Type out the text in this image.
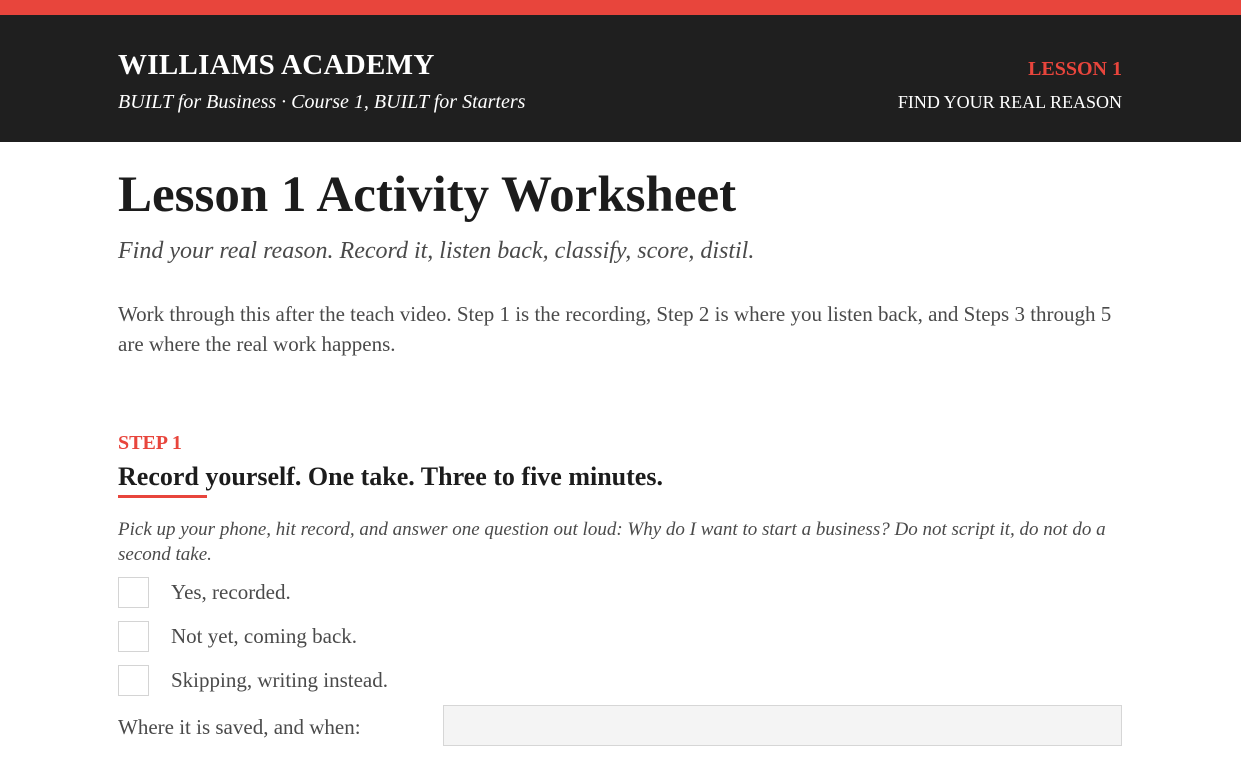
WILLIAMS ACADEMY
BUILT for Business · Course 1, BUILT for Starters
LESSON 1
FIND YOUR REAL REASON
Lesson 1 Activity Worksheet
Find your real reason. Record it, listen back, classify, score, distil.

Work through this after the teach video. Step 1 is the recording, Step 2 is where you listen back, and Steps 3 through 5 are where the real work happens.

STEP 1
Record yourself. One take. Three to five minutes.

Pick up your phone, hit record, and answer one question out loud: Why do I want to start a business? Do not script it, do not do a second take.

Yes, recorded.
Not yet, coming back.
Skipping, writing instead.
Where it is saved, and when:
